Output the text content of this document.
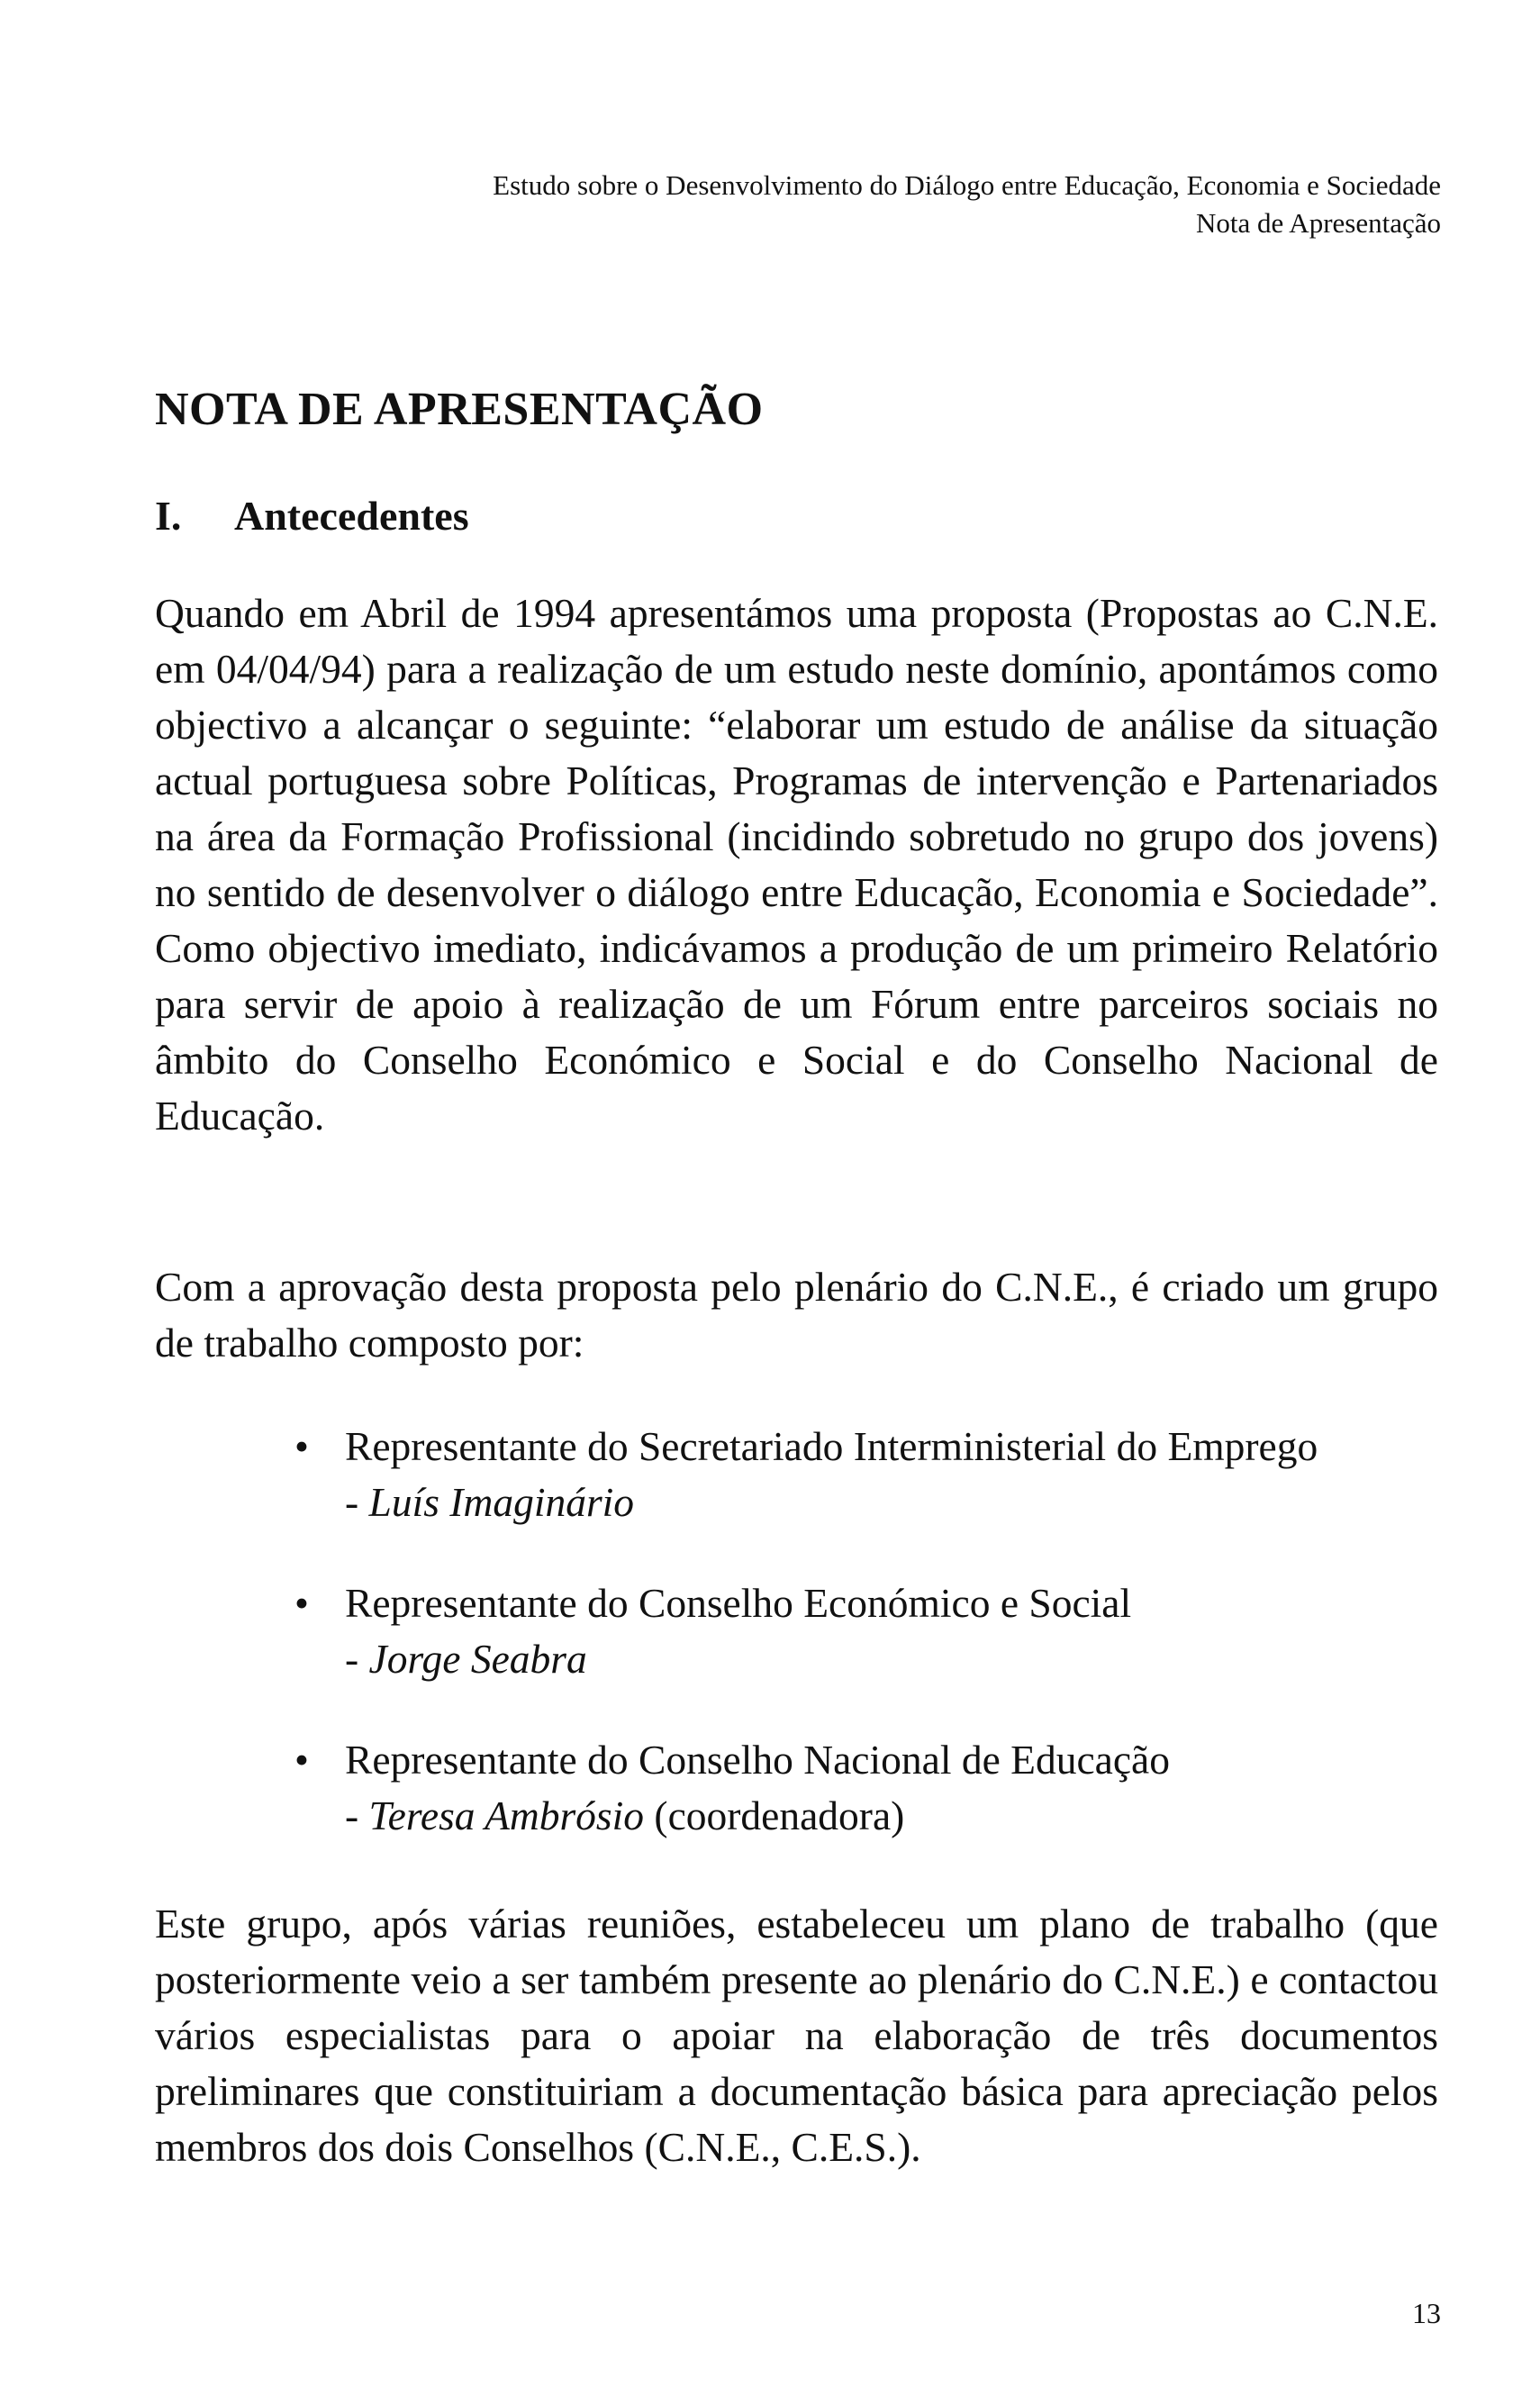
Estudo sobre o Desenvolvimento do Diálogo entre Educação, Economia e Sociedade
Nota de Apresentação
NOTA DE APRESENTAÇÃO
I. Antecedentes

Quando em Abril de 1994 apresentámos uma proposta (Propostas ao C.N.E. em 04/04/94) para a realização de um estudo neste domínio, apontámos como objectivo a alcançar o seguinte: “elaborar um estudo de análise da situação actual portuguesa sobre Políticas, Programas de intervenção e Partenariados na área da Formação Profissional (incidindo sobretudo no grupo dos jovens) no sentido de desenvolver o diálogo entre Educação, Economia e Sociedade”. Como objectivo imediato, indicávamos a produção de um primeiro Relatório para servir de apoio à realização de um Fórum entre parceiros sociais no âmbito do Conselho Económico e Social e do Conselho Nacional de Educação.

Com a aprovação desta proposta pelo plenário do C.N.E., é criado um grupo de trabalho composto por:

• Representante do Secretariado Interministerial do Emprego
- Luís Imaginário
• Representante do Conselho Económico e Social
- Jorge Seabra
• Representante do Conselho Nacional de Educação
- Teresa Ambrósio (coordenadora)

Este grupo, após várias reuniões, estabeleceu um plano de trabalho (que posteriormente veio a ser também presente ao plenário do C.N.E.) e contactou vários especialistas para o apoiar na elaboração de três documentos preliminares que constituiriam a documentação básica para apreciação pelos membros dos dois Conselhos (C.N.E., C.E.S.).

13
